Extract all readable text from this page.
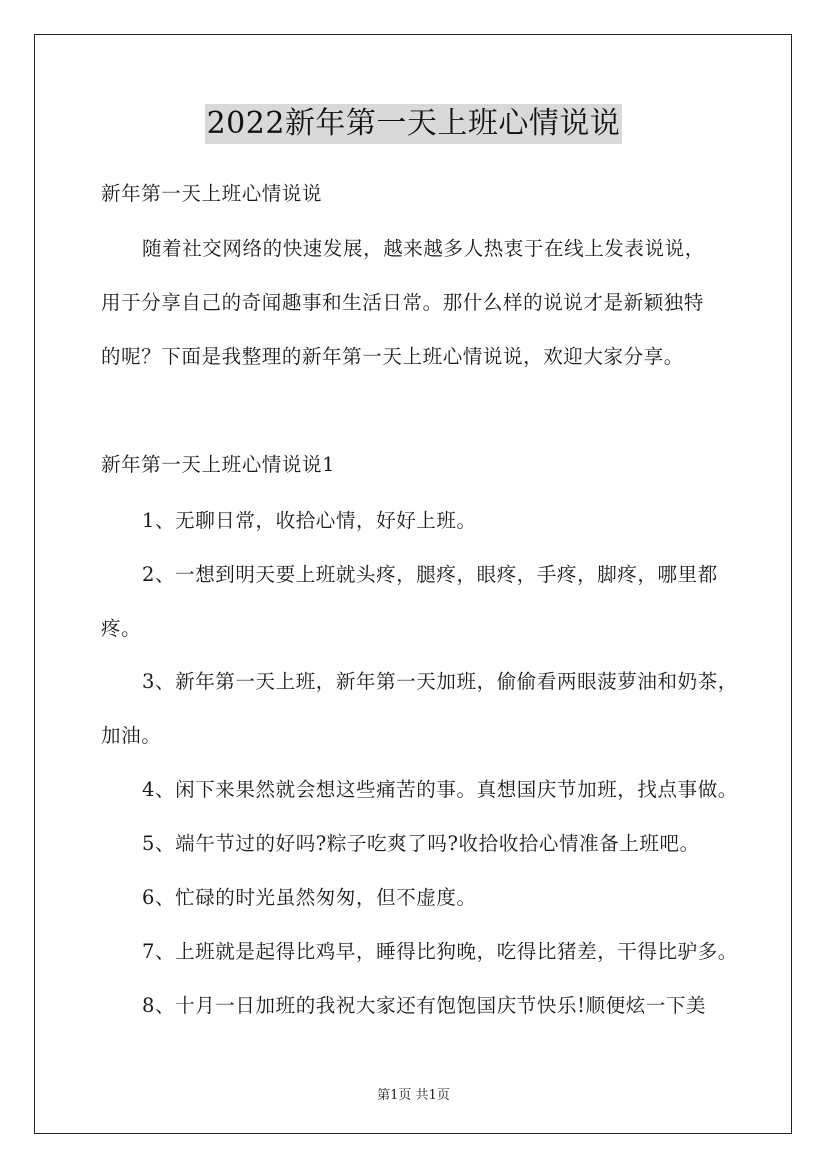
2022新年第一天上班心情说说
新年第一天上班心情说说
随着社交网络的快速发展，越来越多人热衷于在线上发表说说，
用于分享自己的奇闻趣事和生活日常。那什么样的说说才是新颖独特
的呢？下面是我整理的新年第一天上班心情说说，欢迎大家分享。
新年第一天上班心情说说1
1、无聊日常，收拾心情，好好上班。
2、一想到明天要上班就头疼，腿疼，眼疼，手疼，脚疼，哪里都
疼。
3、新年第一天上班，新年第一天加班，偷偷看两眼菠萝油和奶茶，
加油。
4、闲下来果然就会想这些痛苦的事。真想国庆节加班，找点事做。
5、端午节过的好吗?粽子吃爽了吗?收拾收拾心情准备上班吧。
6、忙碌的时光虽然匆匆，但不虚度。
7、上班就是起得比鸡早，睡得比狗晚，吃得比猪差，干得比驴多。
8、十月一日加班的我祝大家还有饱饱国庆节快乐!顺便炫一下美
第1页 共1页
